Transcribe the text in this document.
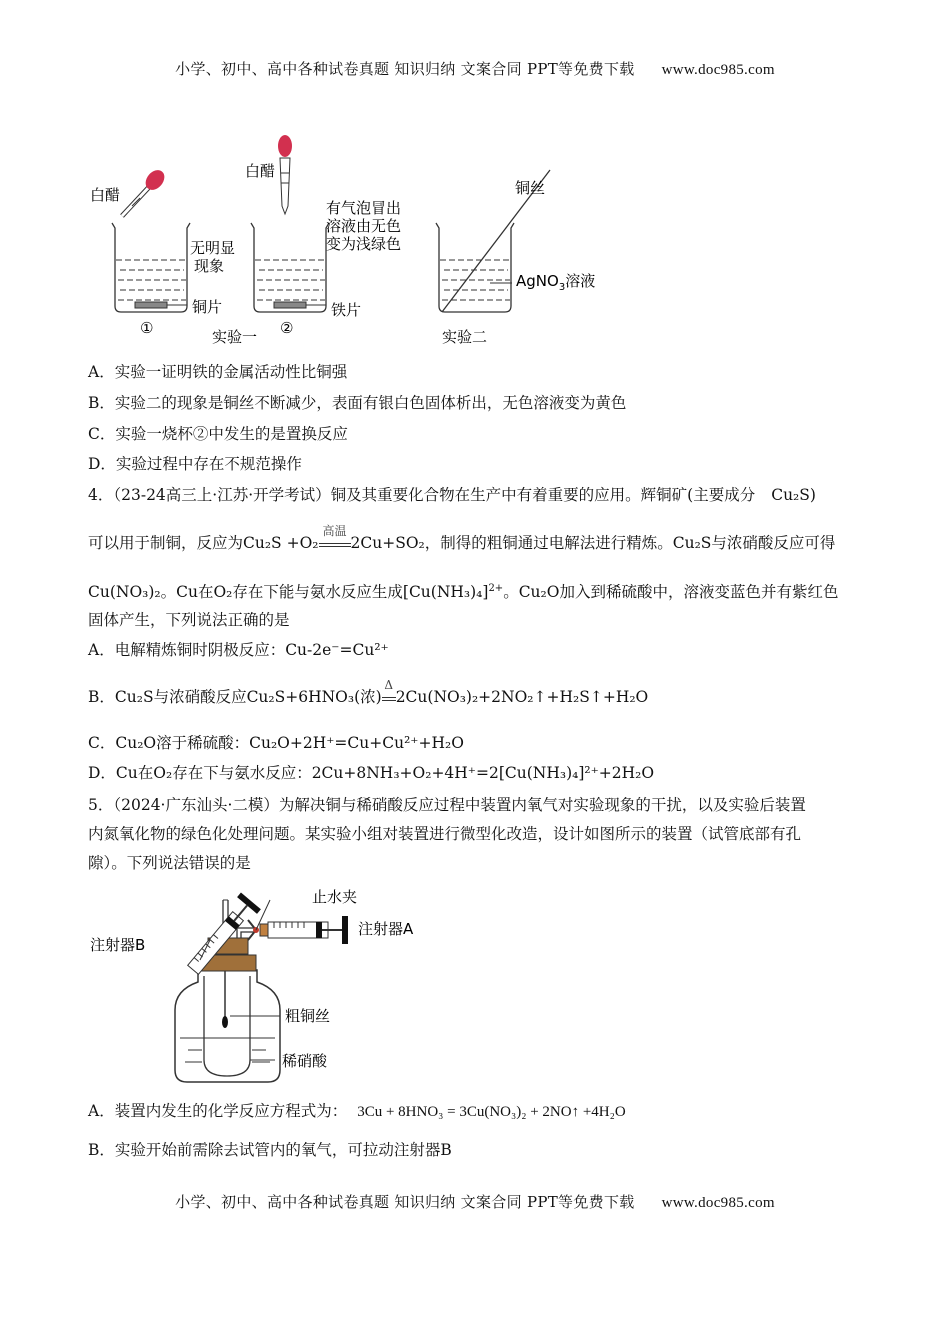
小学、初中、高中各种试卷真题 知识归纳 文案合同 PPT等免费下载 www.doc985.com
白醋
无明显
现象
铜片
①
白醋
有气泡冒出
溶液由无色
变为浅绿色
铁片
②
实验一
铜丝
AgNO$_3$溶液
实验二
A．实验一证明铁的金属活动性比铜强
B．实验二的现象是铜丝不断减少，表面有银白色固体析出，无色溶液变为黄色
C．实验一烧杯②中发生的是置换反应
D．实验过程中存在不规范操作
4．（23-24高三上·江苏·开学考试）铜及其重要化合物在生产中有着重要的应用。辉铜矿(主要成分 Cu₂S)
可以用于制铜，反应为Cu₂S +O₂
高温
2Cu+SO₂，制得的粗铜通过电解法进行精炼。Cu₂S与浓硝酸反应可得
Cu(NO₃)₂。Cu在O₂存在下能与氨水反应生成$[Cu(NH_3)_4]^{2+}$。Cu₂O加入到稀硫酸中，溶液变蓝色并有紫红色
固体产生，下列说法正确的是
A．电解精炼铜时阴极反应：Cu-2e⁻=Cu²⁺
B．Cu₂S与浓硝酸反应Cu₂S+6HNO₃(浓)
Δ
2Cu(NO₃)₂+2NO₂↑+H₂S↑+H₂O
C．Cu₂O溶于稀硫酸：Cu₂O+2H⁺=Cu+Cu²⁺+H₂O
D．Cu在O₂存在下与氨水反应：2Cu+8NH₃+O₂+4H⁺=2[Cu(NH₃)₄]²⁺+2H₂O
5．（2024·广东汕头·二模）为解决铜与稀硝酸反应过程中装置内氧气对实验现象的干扰，以及实验后装置
内氮氧化物的绿色化处理问题。某实验小组对装置进行微型化改造，设计如图所示的装置（试管底部有孔
隙）。下列说法错误的是
止水夹
注射器A
注射器B
粗铜丝
稀硝酸
A．装置内发生的化学反应方程式为： 3Cu + 8HNO₃ = 3Cu(NO₃)₂ + 2NO↑ +4H₂O
B．实验开始前需除去试管内的氧气，可拉动注射器B
小学、初中、高中各种试卷真题 知识归纳 文案合同 PPT等免费下载 www.doc985.com
